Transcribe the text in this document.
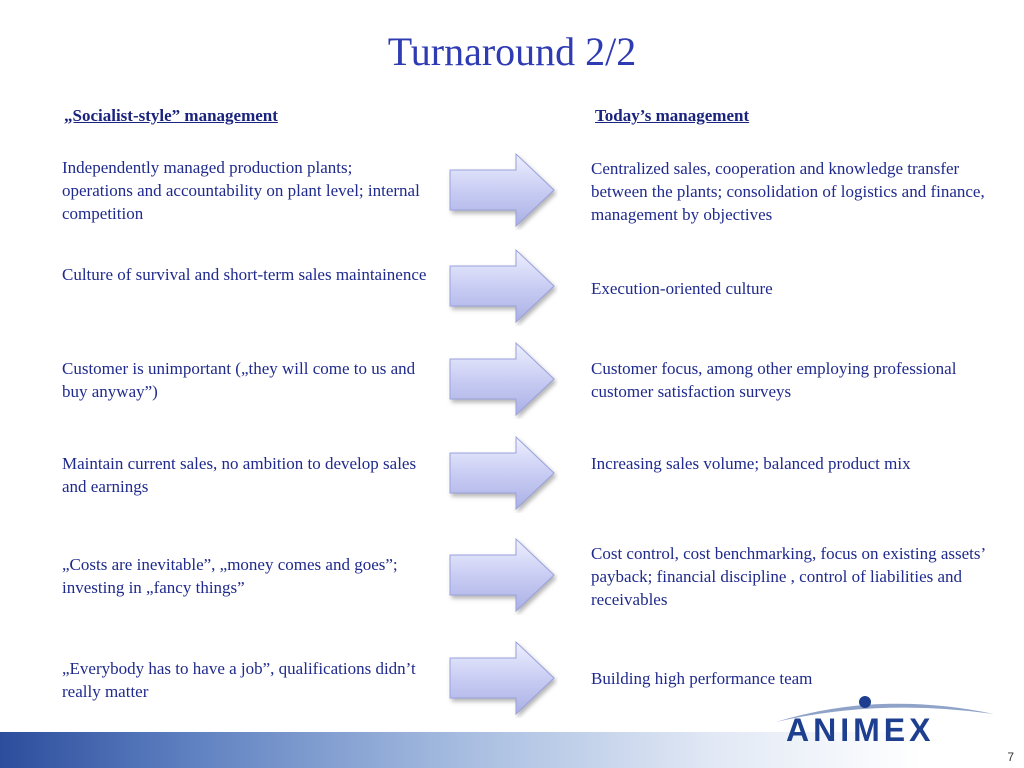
Turnaround 2/2
„Socialist-style” management	Today’s management
Independently managed production plants; operations and accountability on plant level; internal competition
Centralized sales, cooperation and knowledge transfer between the plants; consolidation of logistics and finance, management by objectives
Culture of survival and short-term sales maintainence
Execution-oriented culture
Customer is unimportant („they will come to us and buy anyway”)
Customer focus, among other employing professional customer satisfaction surveys
Maintain current sales, no ambition to develop sales and earnings
Increasing sales volume; balanced product mix
„Costs are inevitable”, „money comes and goes”; investing in „fancy things”
Cost control, cost benchmarking, focus on existing assets’ payback; financial discipline , control of liabilities and receivables
„Everybody has to have a job”, qualifications didn’t really matter
Building high performance team
ANIMEX
7
